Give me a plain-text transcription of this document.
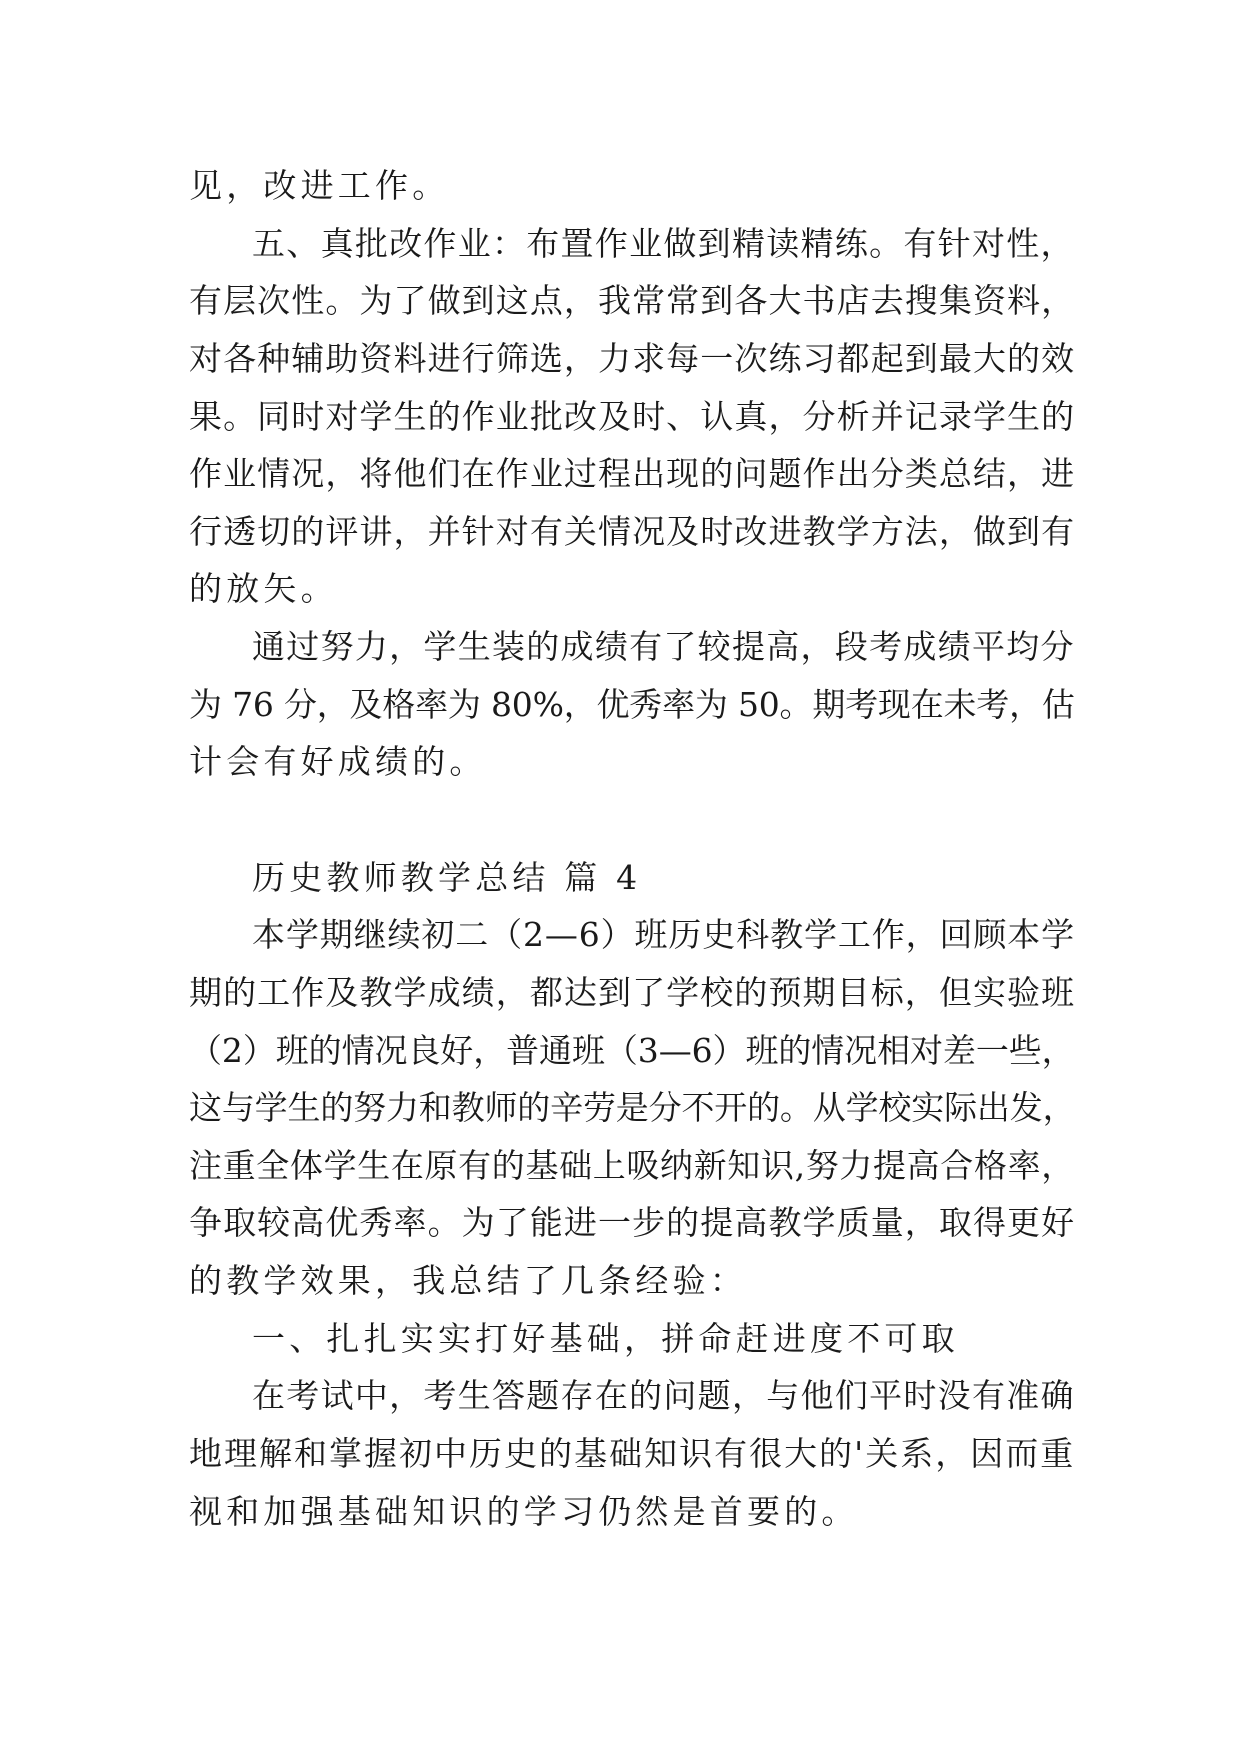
见，改进工作。

五、真批改作业：布置作业做到精读精练。有针对性，

有层次性。为了做到这点，我常常到各大书店去搜集资料，

对各种辅助资料进行筛选，力求每一次练习都起到最大的效

果。同时对学生的作业批改及时、认真，分析并记录学生的

作业情况，将他们在作业过程出现的问题作出分类总结，进

行透切的评讲，并针对有关情况及时改进教学方法，做到有

的放矢。

通过努力，学生装的成绩有了较提高，段考成绩平均分

为 76 分，及格率为 80%，优秀率为 50。期考现在未考，估

计会有好成绩的。

历史教师教学总结 篇 4

本学期继续初二（2—6）班历史科教学工作，回顾本学

期的工作及教学成绩，都达到了学校的预期目标，但实验班

（2）班的情况良好，普通班（3—6）班的情况相对差一些，

这与学生的努力和教师的辛劳是分不开的。从学校实际出发，

注重全体学生在原有的基础上吸纳新知识,努力提高合格率，

争取较高优秀率。为了能进一步的提高教学质量，取得更好

的教学效果，我总结了几条经验：

一、扎扎实实打好基础，拼命赶进度不可取

在考试中，考生答题存在的问题，与他们平时没有准确

地理解和掌握初中历史的基础知识有很大的'关系，因而重

视和加强基础知识的学习仍然是首要的。
